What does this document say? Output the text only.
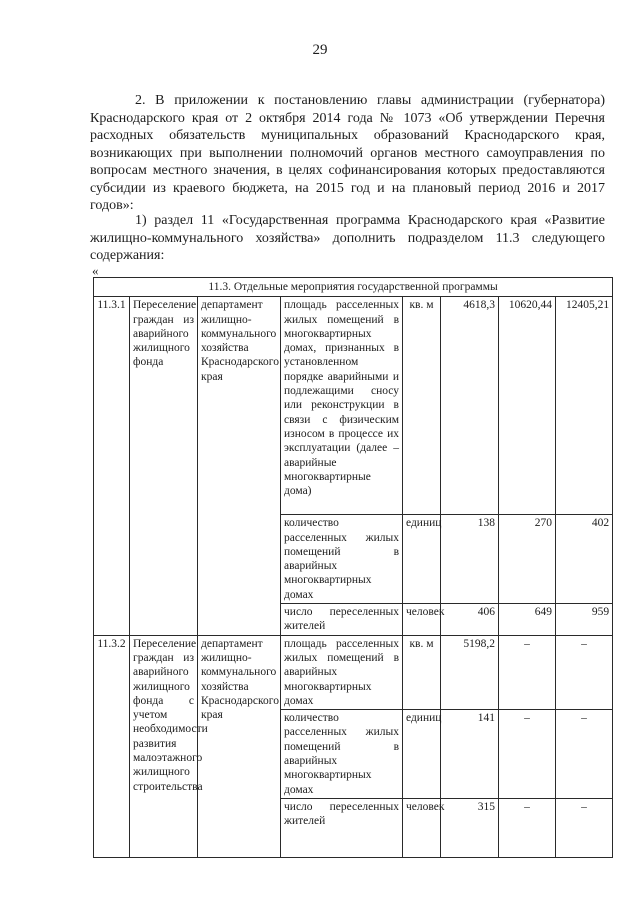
29

2. В приложении к постановлению главы администрации (губернатора) Краснодарского края от 2 октября 2014 года № 1073 «Об утверждении Перечня расходных обязательств муниципальных образований Краснодарского края, возникающих при выполнении полномочий органов местного самоуправления по вопросам местного значения, в целях софинансирования которых предоставляются субсидии из краевого бюджета, на 2015 год и на плановый период 2016 и 2017 годов»:

1) раздел 11 «Государственная программа Краснодарского края «Развитие жилищно-коммунального хозяйства» дополнить подразделом 11.3 следующего содержания:

«
11.3. Отдельные мероприятия государственной программы							
11.3.1	Переселение граждан из аварийного жилищного фонда	департамент жилищно-коммунального хозяйства Краснодарского края	площадь расселенных жилых помещений в многоквартирных домах, признанных в установленном порядке аварийными и подлежащими сносу или реконструкции в связи с физическим износом в процессе их эксплуатации (далее – аварийные многоквартирные дома)	кв. м	4618,3	10620,44	12405,21
			количество расселенных жилых помещений в аварийных многоквартирных домах	единиц	138	270	402
			число переселенных жителей	человек	406	649	959
11.3.2	Переселение граждан из аварийного жилищного фонда с учетом необходимости развития малоэтажного жилищного строительства	департамент жилищно-коммунального хозяйства Краснодарского края	площадь расселенных жилых помещений в аварийных многоквартирных домах	кв. м	5198,2	–	–
			количество расселенных жилых помещений в аварийных многоквартирных домах	единиц	141	–	–
			число переселенных жителей	человек	315	–	–
